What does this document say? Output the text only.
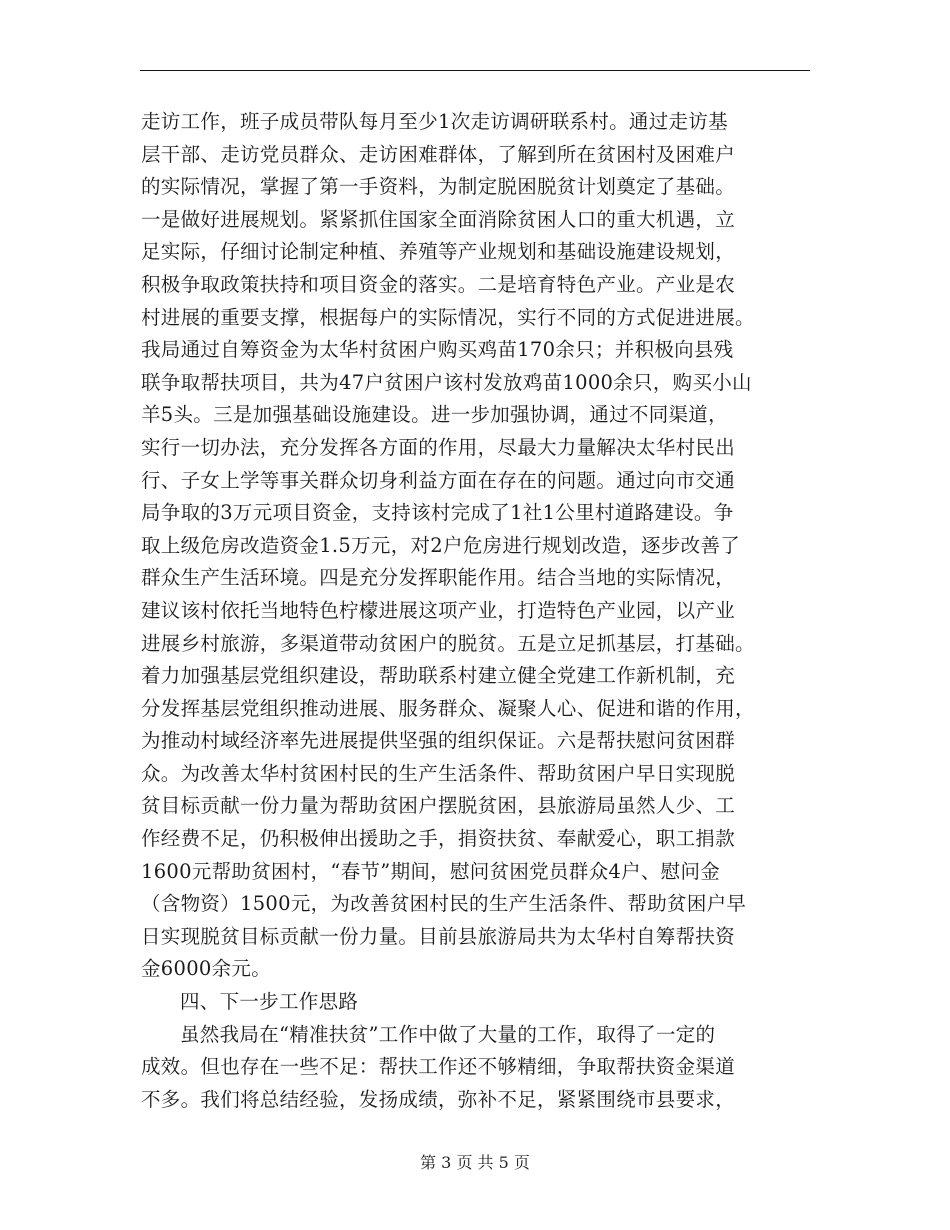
走访工作，班子成员带队每月至少1次走访调研联系村。通过走访基
层干部、走访党员群众、走访困难群体，了解到所在贫困村及困难户
的实际情况，掌握了第一手资料，为制定脱困脱贫计划奠定了基础。
一是做好进展规划。紧紧抓住国家全面消除贫困人口的重大机遇，立
足实际，仔细讨论制定种植、养殖等产业规划和基础设施建设规划，
积极争取政策扶持和项目资金的落实。二是培育特色产业。产业是农
村进展的重要支撑，根据每户的实际情况，实行不同的方式促进进展。
我局通过自筹资金为太华村贫困户购买鸡苗170余只；并积极向县残
联争取帮扶项目，共为47户贫困户该村发放鸡苗1000余只，购买小山
羊5头。三是加强基础设施建设。进一步加强协调，通过不同渠道，
实行一切办法，充分发挥各方面的作用，尽最大力量解决太华村民出
行、子女上学等事关群众切身利益方面在存在的问题。通过向市交通
局争取的3万元项目资金，支持该村完成了1社1公里村道路建设。争
取上级危房改造资金1.5万元，对2户危房进行规划改造，逐步改善了
群众生产生活环境。四是充分发挥职能作用。结合当地的实际情况，
建议该村依托当地特色柠檬进展这项产业，打造特色产业园，以产业
进展乡村旅游，多渠道带动贫困户的脱贫。五是立足抓基层，打基础。
着力加强基层党组织建设，帮助联系村建立健全党建工作新机制，充
分发挥基层党组织推动进展、服务群众、凝聚人心、促进和谐的作用，
为推动村域经济率先进展提供坚强的组织保证。六是帮扶慰问贫困群
众。为改善太华村贫困村民的生产生活条件、帮助贫困户早日实现脱
贫目标贡献一份力量为帮助贫困户摆脱贫困，县旅游局虽然人少、工
作经费不足，仍积极伸出援助之手，捐资扶贫、奉献爱心，职工捐款
1600元帮助贫困村，“春节”期间，慰问贫困党员群众4户、慰问金
（含物资）1500元，为改善贫困村民的生产生活条件、帮助贫困户早
日实现脱贫目标贡献一份力量。目前县旅游局共为太华村自筹帮扶资
金6000余元。
四、下一步工作思路
虽然我局在“精准扶贫”工作中做了大量的工作，取得了一定的
成效。但也存在一些不足：帮扶工作还不够精细，争取帮扶资金渠道
不多。我们将总结经验，发扬成绩，弥补不足，紧紧围绕市县要求，
第 3 页 共 5 页
